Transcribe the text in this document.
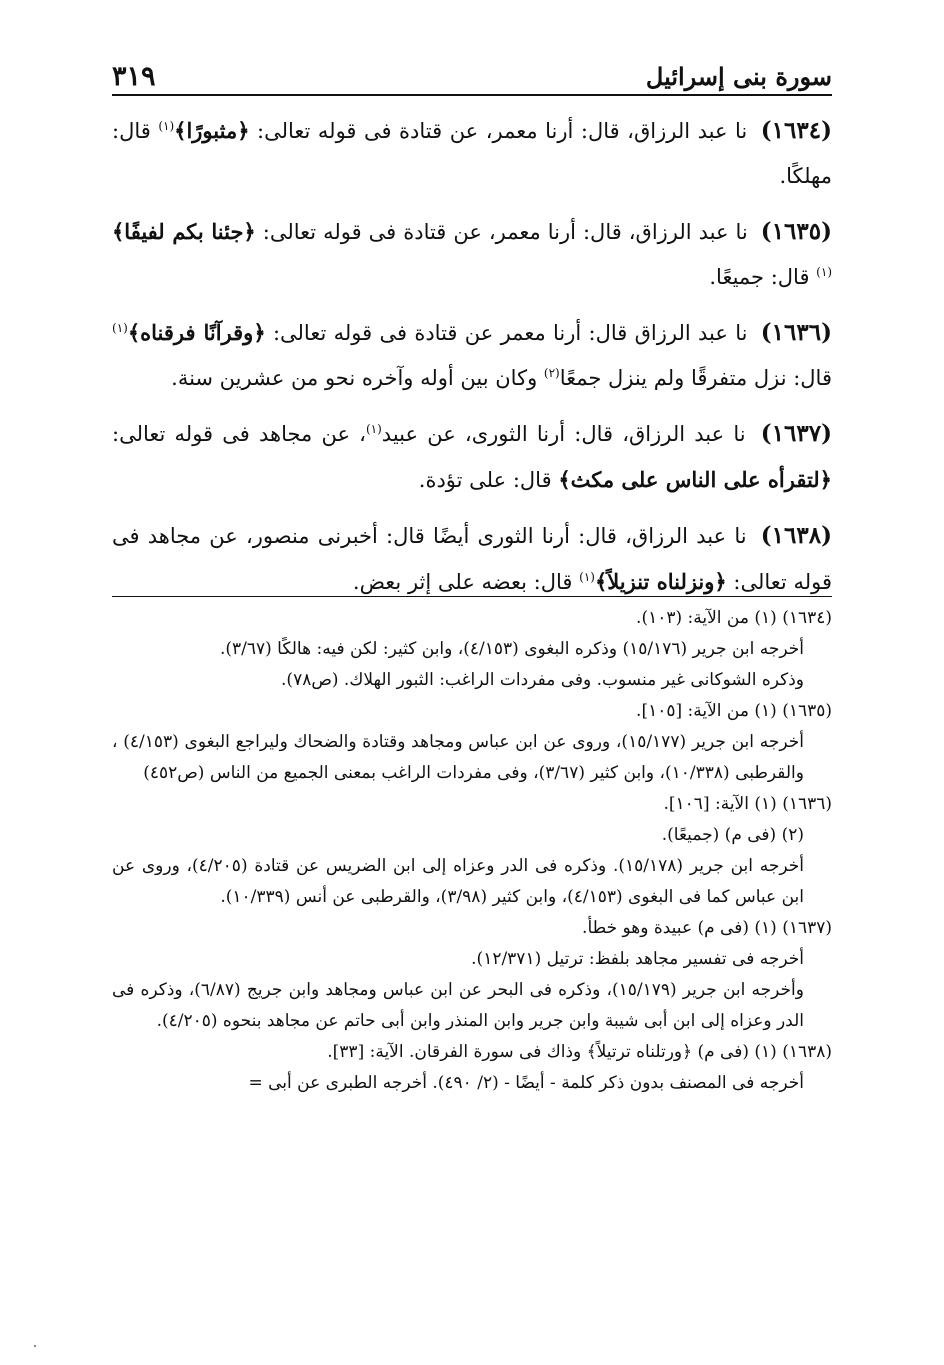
سورة بنى إسرائيل
٣١٩

(١٦٣٤) نا عبد الرزاق، قال: أرنا معمر، عن قتادة فى قوله تعالى: ﴿مثبورًا﴾$^{(١)}$ قال: مهلكًا.

(١٦٣٥) نا عبد الرزاق، قال: أرنا معمر، عن قتادة فى قوله تعالى: ﴿جئنا بكم لفيفًا﴾$^{(١)}$ قال: جميعًا.

(١٦٣٦) نا عبد الرزاق قال: أرنا معمر عن قتادة فى قوله تعالى: ﴿وقرآنًا فرقناه﴾$^{(١)}$ قال: نزل متفرقًا ولم ينزل جمعًا$^{(٢)}$ وكان بين أوله وآخره نحو من عشرين سنة.

(١٦٣٧) نا عبد الرزاق، قال: أرنا الثورى، عن عبيد$^{(١)}$، عن مجاهد فى قوله تعالى: ﴿لتقرأه على الناس على مكث﴾ قال: على تؤدة.

(١٦٣٨) نا عبد الرزاق، قال: أرنا الثورى أيضًا قال: أخبرنى منصور، عن مجاهد فى قوله تعالى: ﴿ونزلناه تنزيلاً﴾$^{(١)}$ قال: بعضه على إثر بعض.

(١٦٣٤) (١) من الآية: (١٠٣).
أخرجه ابن جرير (١٥/١٧٦) وذكره البغوى (٤/١٥٣)، وابن كثير: لكن فيه: هالكًا (٣/٦٧).
وذكره الشوكانى غير منسوب. وفى مفردات الراغب: الثبور الهلاك. (ص٧٨).
(١٦٣٥) (١) من الآية: [١٠٥].
أخرجه ابن جرير (١٥/١٧٧)، وروى عن ابن عباس ومجاهد وقتادة والضحاك وليراجع البغوى (٤/١٥٣) ، والقرطبى (١٠/٣٣٨)، وابن كثير (٣/٦٧)، وفى مفردات الراغب بمعنى الجميع من الناس (ص٤٥٢)
(١٦٣٦) (١) الآية: [١٠٦].
(٢) (فى م) (جميعًا).
أخرجه ابن جرير (١٥/١٧٨). وذكره فى الدر وعزاه إلى ابن الضريس عن قتادة (٤/٢٠٥)، وروى عن ابن عباس كما فى البغوى (٤/١٥٣)، وابن كثير (٣/٩٨)، والقرطبى عن أنس (١٠/٣٣٩).
(١٦٣٧) (١) (فى م) عبيدة وهو خطأ.
أخرجه فى تفسير مجاهد بلفظ: ترتيل (١٢/٣٧١).
وأخرجه ابن جرير (١٥/١٧٩)، وذكره فى البحر عن ابن عباس ومجاهد وابن جريج (٦/٨٧)، وذكره فى الدر وعزاه إلى ابن أبى شيبة وابن جرير وابن المنذر وابن أبى حاتم عن مجاهد بنحوه (٤/٢٠٥).
(١٦٣٨) (١) (فى م) ﴿ورتلناه ترتيلاً﴾ وذاك فى سورة الفرقان. الآية: [٣٣].
أخرجه فى المصنف بدون ذكر كلمة - أيضًا - (٢/ ٤٩٠). أخرجه الطبرى عن أبى =
